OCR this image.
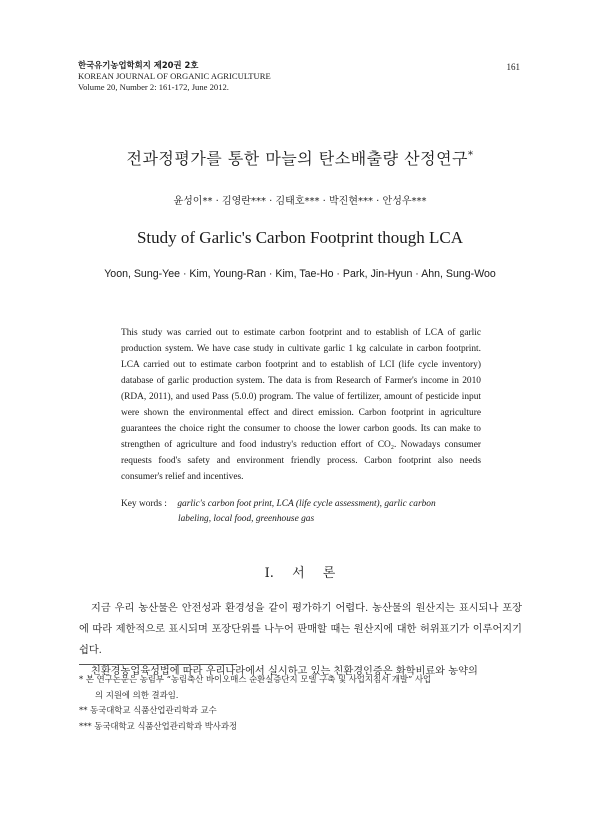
한국유기농업학회지 제20권 2호
KOREAN JOURNAL OF ORGANIC AGRICULTURE
Volume 20, Number 2: 161-172, June 2012.
161
전과정평가를 통한 마늘의 탄소배출량 산정연구*
윤성이** · 김영란*** · 김태호*** · 박진현*** · 안성우***
Study of Garlic's Carbon Footprint though LCA
Yoon, Sung-Yee · Kim, Young-Ran · Kim, Tae-Ho · Park, Jin-Hyun · Ahn, Sung-Woo
This study was carried out to estimate carbon footprint and to establish of LCA of garlic production system. We have case study in cultivate garlic 1 kg calculate in carbon footprint. LCA carried out to estimate carbon footprint and to establish of LCI (life cycle inventory) database of garlic production system. The data is from Research of Farmer's income in 2010 (RDA, 2011), and used Pass (5.0.0) program. The value of fertilizer, amount of pesticide input were shown the environmental effect and direct emission. Carbon footprint in agriculture guarantees the choice right the consumer to choose the lower carbon goods. Its can make to strengthen of agriculture and food industry's reduction effort of CO₂. Nowadays consumer requests food's safety and environment friendly process. Carbon footprint also needs consumer's relief and incentives.
Key words : garlic's carbon foot print, LCA (life cycle assessment), garlic carbon
labeling, local food, greenhouse gas
Ⅰ. 서 론

지금 우리 농산물은 안전성과 환경성을 같이 평가하기 어렵다. 농산물의 원산지는 표시되나 포장에 따라 제한적으로 표시되며 포장단위를 나누어 판매할 때는 원산지에 대한 허위표기가 이루어지기 쉽다.

친환경농업육성법에 따라 우리나라에서 실시하고 있는 친환경인증은 화학비료와 농약의

* 본 연구논문은 농림부 “농림축산 바이오매스 순환실증단지 모델 구축 및 사업지침서 개발” 사업
의 지원에 의한 결과임.
** 동국대학교 식품산업관리학과 교수
*** 동국대학교 식품산업관리학과 박사과정
